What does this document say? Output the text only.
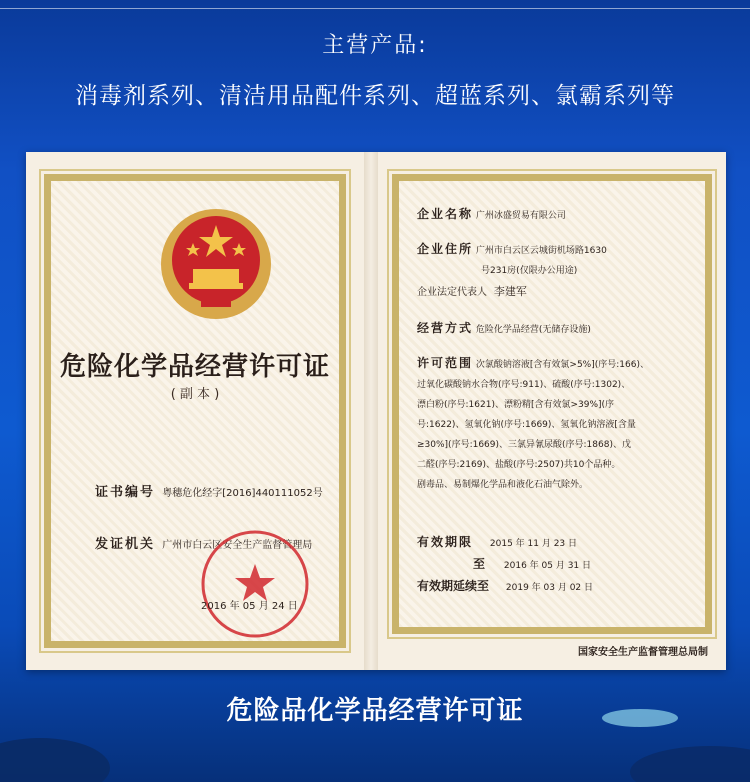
主营产品:
消毒剂系列、清洁用品配件系列、超蓝系列、氯霸系列等
危险化学品经营许可证
( 副 本 )
证书编号 粤穗危化经字[2016]440111052号
发证机关 广州市白云区安全生产监督管理局
2016 年 05 月 24 日
企业名称 广州冰盛贸易有限公司
企业住所 广州市白云区云城街机场路1630
号231房(仅限办公用途)
企业法定代表人 李建军
经营方式 危险化学品经营(无储存设施)
许可范围 次氯酸钠溶液[含有效氯>5%](序号:166)、
过氧化碳酸钠水合物(序号:911)、硫酸(序号:1302)、
漂白粉(序号:1621)、漂粉精[含有效氯>39%](序
号:1622)、氢氧化钠(序号:1669)、氢氧化钠溶液[含量
≥30%](序号:1669)、三氯异氰尿酸(序号:1868)、戊
二醛(序号:2169)、盐酸(序号:2507)共10个品种。
剧毒品、易制爆化学品和液化石油气除外。
有效期限 2015 年 11 月 23 日
至 2016 年 05 月 31 日
有效期延续至 2019 年 03 月 02 日
国家安全生产监督管理总局制
危险品化学品经营许可证
